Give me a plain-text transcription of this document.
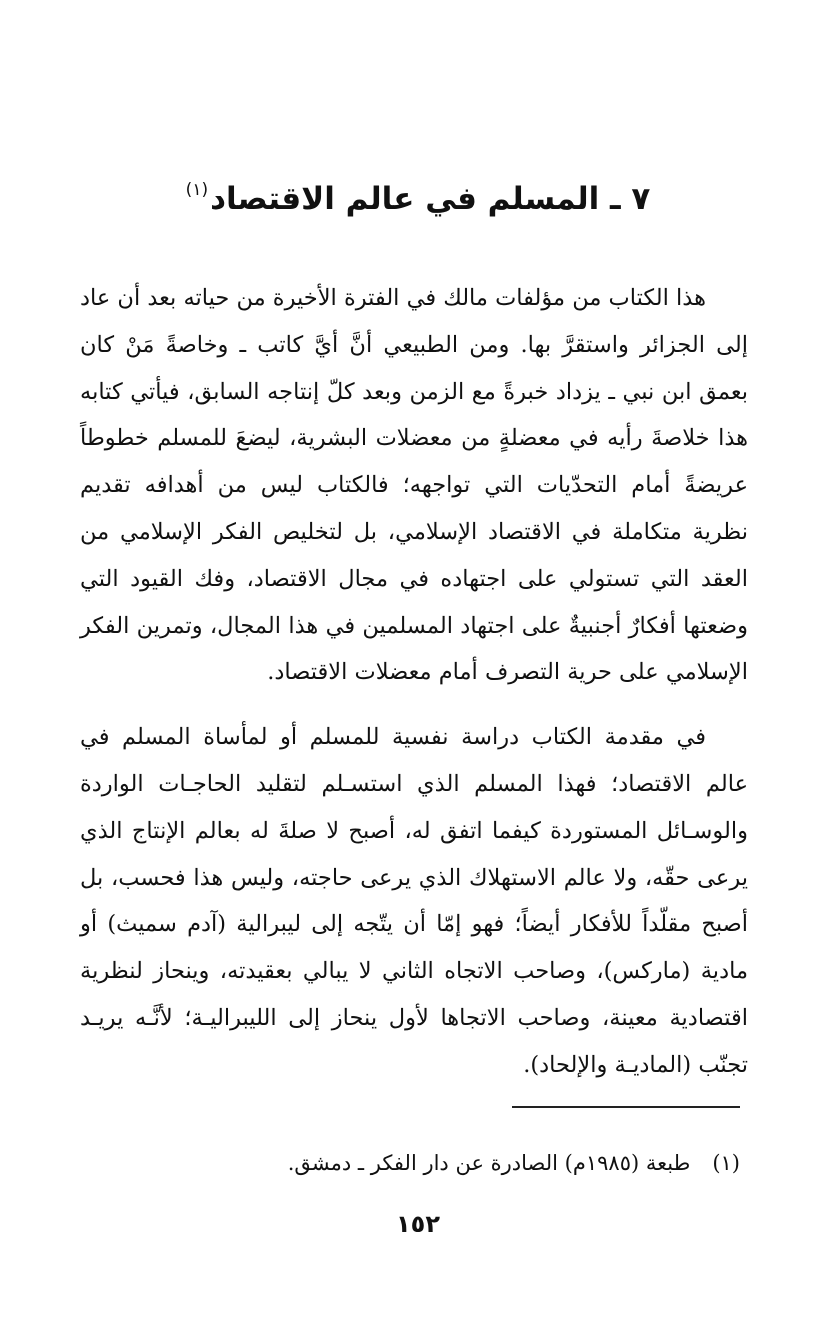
٧ ـ المسلم في عالم الاقتصاد$^{(١)}$

هذا الكتاب من مؤلفات مالك في الفترة الأخيرة من حياته بعد أن عاد إلى الجزائر واستقرَّ بها. ومن الطبيعي أنَّ أيَّ كاتب ـ وخاصةً مَنْ كان بعمق ابن نبي ـ يزداد خبرةً مع الزمن وبعد كلّ إنتاجه السابق، فيأتي كتابه هذا خلاصةَ رأيه في معضلةٍ من معضلات البشرية، ليضعَ للمسلم خطوطاً عريضةً أمام التحدّيات التي تواجهه؛ فالكتاب ليس من أهدافه تقديم نظرية متكاملة في الاقتصاد الإسلامي، بل لتخليص الفكر الإسلامي من العقد التي تستولي على اجتهاده في مجال الاقتصاد، وفك القيود التي وضعتها أفكارٌ أجنبيةٌ على اجتهاد المسلمين في هذا المجال، وتمرين الفكر الإسلامي على حرية التصرف أمام معضلات الاقتصاد.

في مقدمة الكتاب دراسة نفسية للمسلم أو لمأساة المسلم في عالم الاقتصاد؛ فهذا المسلم الذي استسـلم لتقليد الحاجـات الواردة والوسـائل المستوردة كيفما اتفق له، أصبح لا صلةَ له بعالم الإنتاج الذي يرعى حقّه، ولا عالم الاستهلاك الذي يرعى حاجته، وليس هذا فحسب، بل أصبح مقلّداً للأفكار أيضاً؛ فهو إمّا أن يتّجه إلى ليبرالية (آدم سميث) أو مادية (ماركس)، وصاحب الاتجاه الثاني لا يبالي بعقيدته، وينحاز لنظرية اقتصادية معينة، وصاحب الاتجاها لأول ينحاز إلى الليبراليـة؛ لأنَّـه يريـد تجنّب (الماديـة والإلحاد).

(١)طبعة (١٩٨٥م) الصادرة عن دار الفكر ـ دمشق.
١٥٢
